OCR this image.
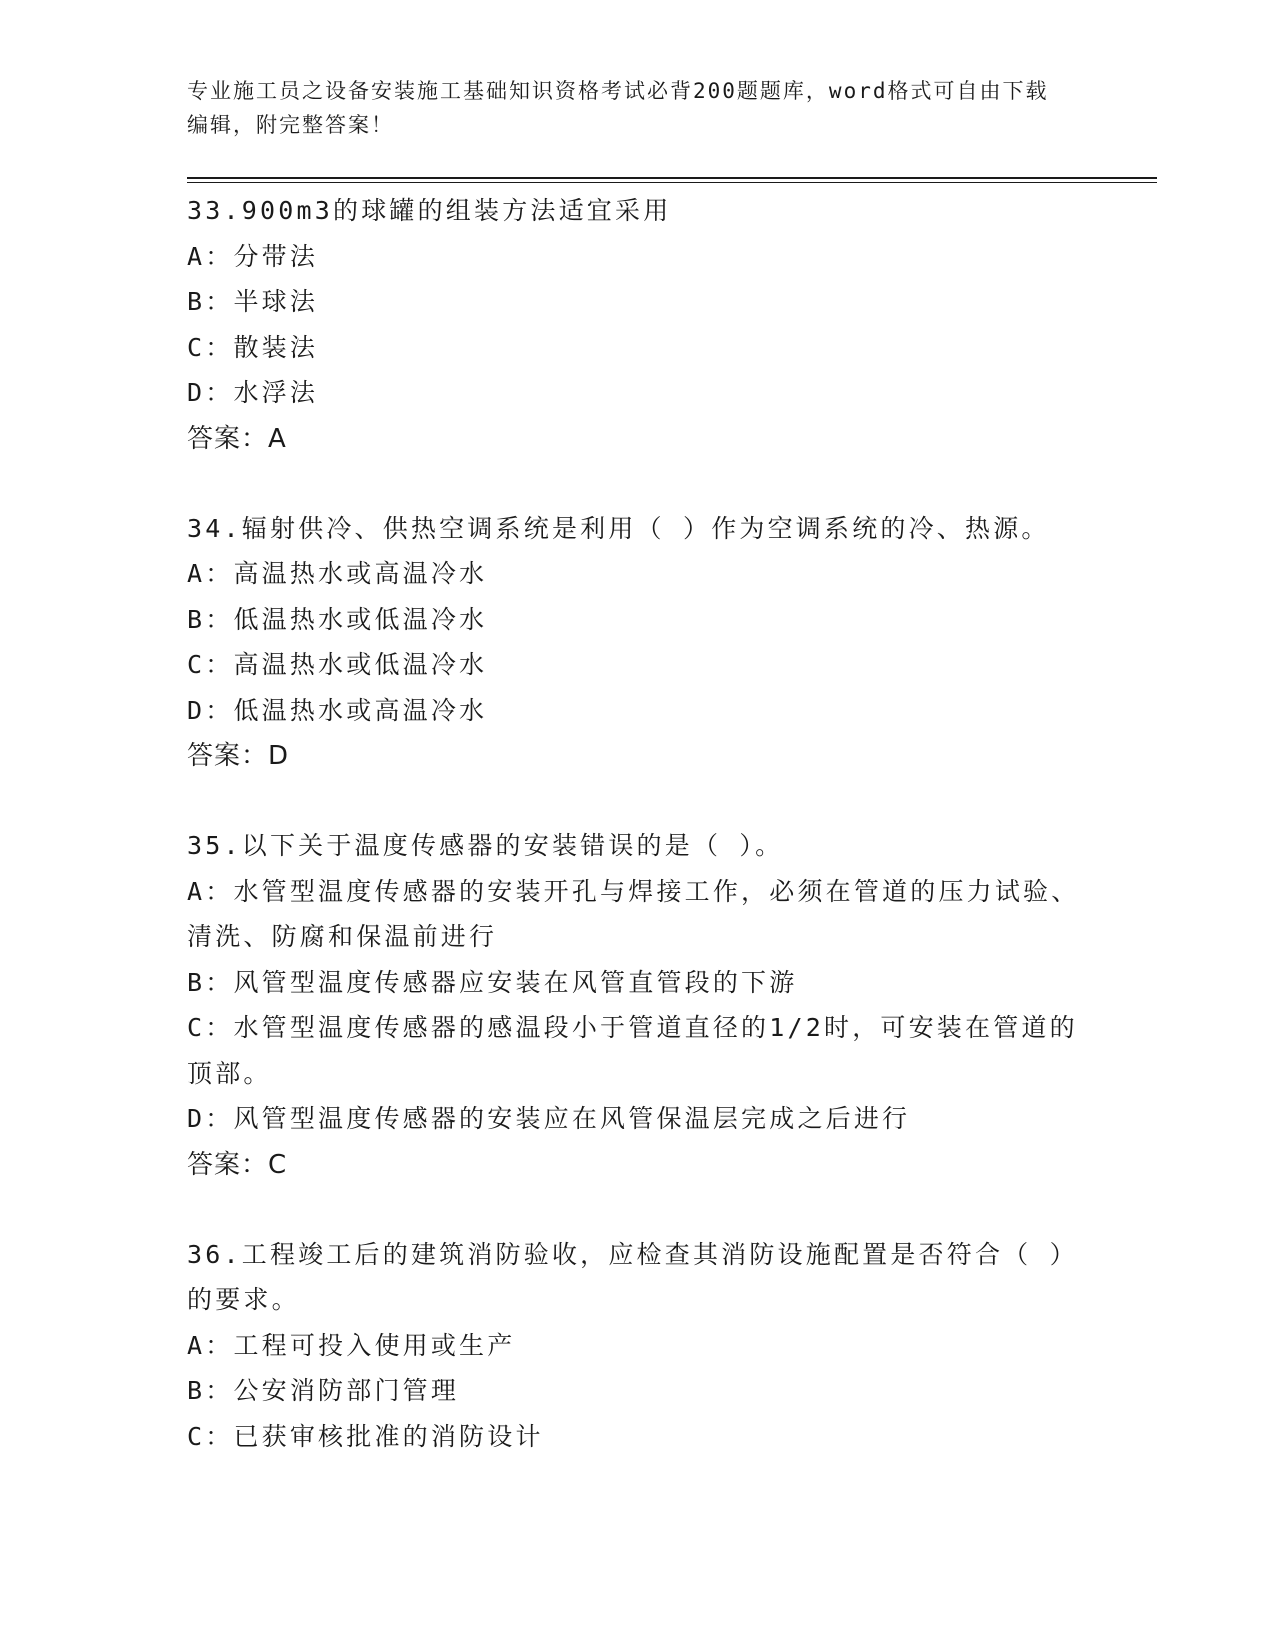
专业施工员之设备安装施工基础知识资格考试必背200题题库，word格式可自由下载编辑，附完整答案！
33.900m3的球罐的组装方法适宜采用
A：分带法
B：半球法
C：散装法
D：水浮法
答案：A
34.辐射供冷、供热空调系统是利用（ ）作为空调系统的冷、热源。
A：高温热水或高温冷水
B：低温热水或低温冷水
C：高温热水或低温冷水
D：低温热水或高温冷水
答案：D
35.以下关于温度传感器的安装错误的是（ ）。
A：水管型温度传感器的安装开孔与焊接工作，必须在管道的压力试验、清洗、防腐和保温前进行
B：风管型温度传感器应安装在风管直管段的下游
C：水管型温度传感器的感温段小于管道直径的1/2时，可安装在管道的顶部。
D：风管型温度传感器的安装应在风管保温层完成之后进行
答案：C
36.工程竣工后的建筑消防验收，应检查其消防设施配置是否符合（ ）的要求。
A：工程可投入使用或生产
B：公安消防部门管理
C：已获审核批准的消防设计
